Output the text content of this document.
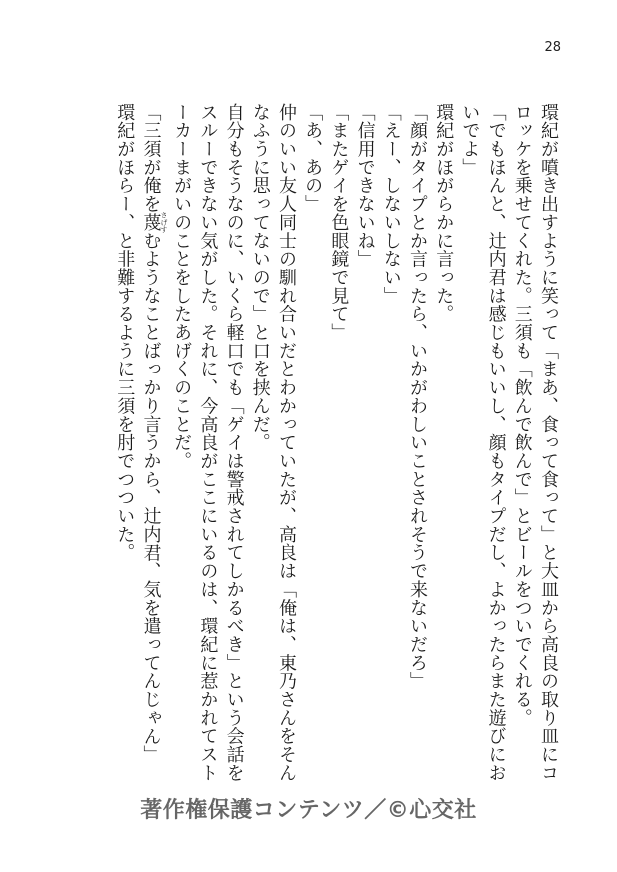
28

環紀が噴き出すように笑って「まあ、食って食って」と大皿から高良の取り皿にコロッケを乗せてくれた。三須も「飲んで飲んで」とビールをついでくれる。

「でもほんと、辻内君は感じもいいし、顔もタイプだし、よかったらまた遊びにおいでよ」

環紀がほがらかに言った。

「顔がタイプとか言ったら、いかがわしいことされそうで来ないだろ」

「えー、しないしない」

「信用できないね」

「またゲイを色眼鏡で見て」

「あ、あの」

仲のいい友人同士の馴れ合いだとわかっていたが、高良は「俺は、東乃さんをそんなふうに思ってないので」と口を挟んだ。

自分もそうなのに、いくら軽口でも「ゲイは警戒されてしかるべき」という会話をスルーできない気がした。それに、今高良がここにいるのは、環紀に惹かれてストーカーまがいのことをしたあげくのことだ。

「三須が俺を蔑さげすむようなことばっかり言うから、辻内君、気を遣ってんじゃん」

環紀がほらー、と非難するように三須を肘でつついた。

著作権保護コンテンツ／©心交社
